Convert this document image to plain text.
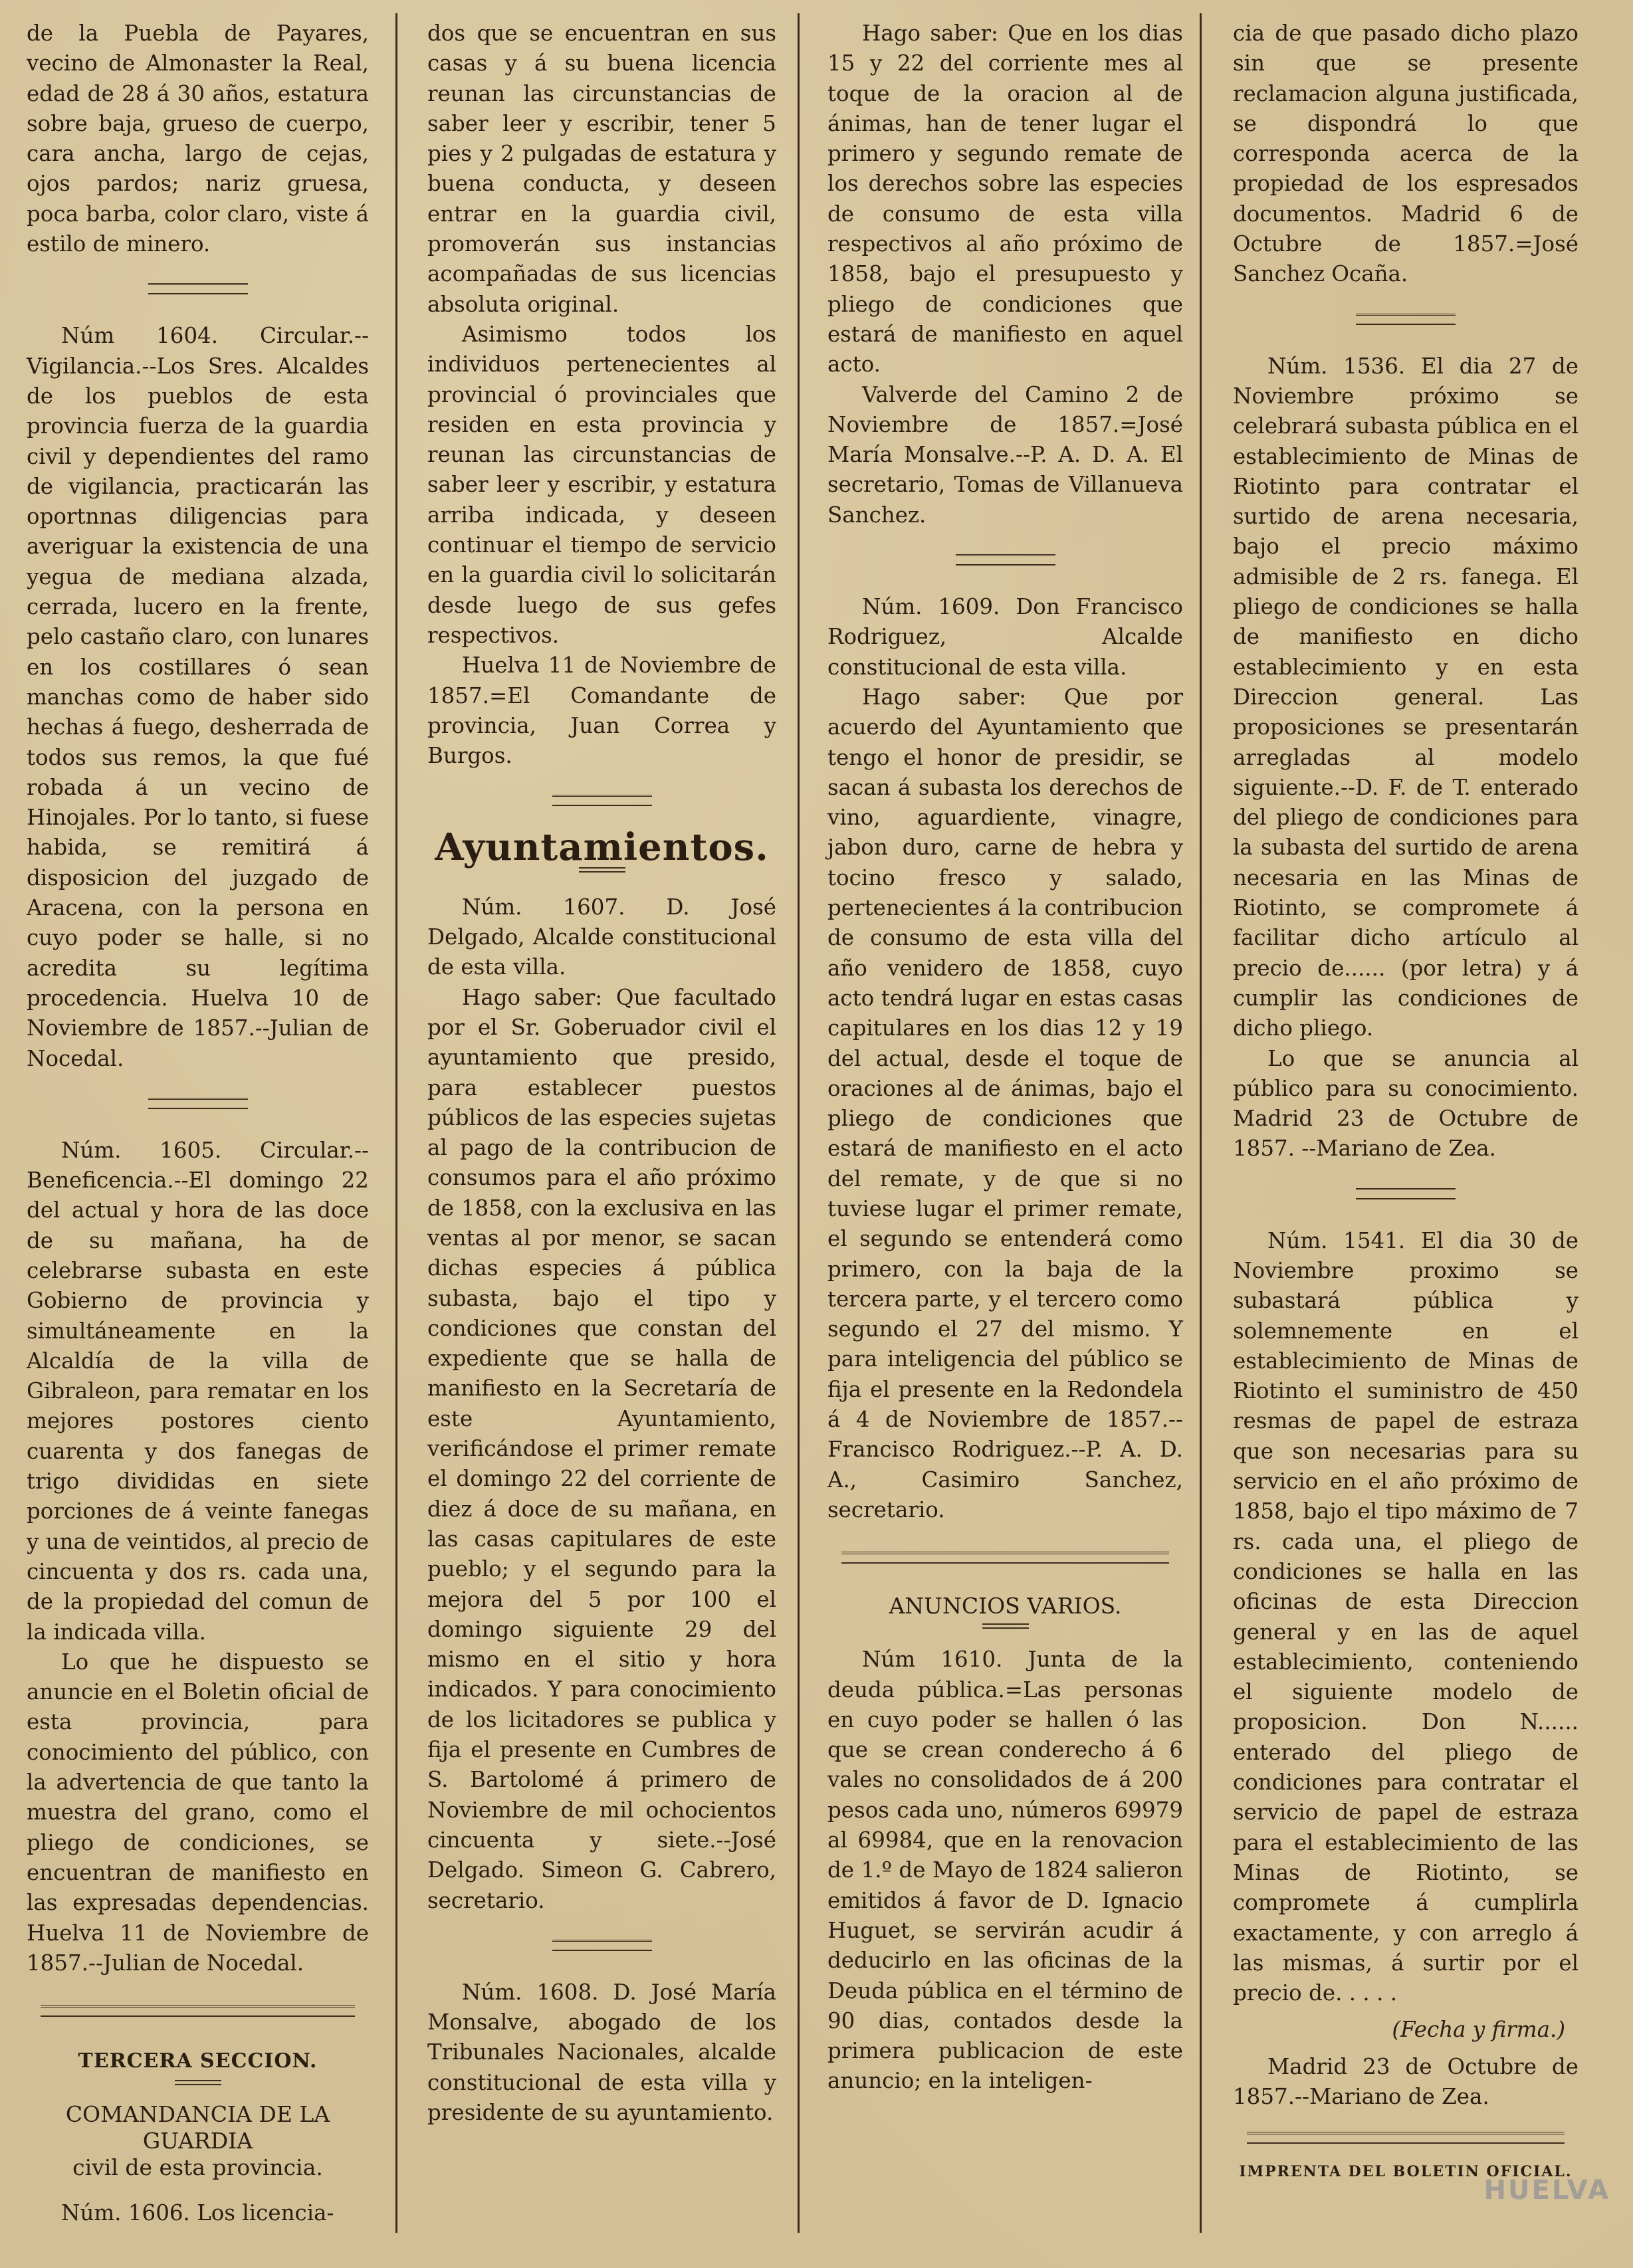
de la Puebla de Payares, vecino de Almonaster la Real, edad de 28 á 30 años, estatura sobre baja, grueso de cuerpo, cara ancha, largo de cejas, ojos pardos; nariz gruesa, poca barba, color claro, viste á estilo de minero.

Núm 1604. Circular.--Vigilancia.--Los Sres. Alcaldes de los pueblos de esta provincia fuerza de la guardia civil y dependientes del ramo de vigilancia, practicarán las oportnnas diligencias para averiguar la existencia de una yegua de mediana alzada, cerrada, lucero en la frente, pelo castaño claro, con lunares en los costillares ó sean manchas como de haber sido hechas á fuego, desherrada de todos sus remos, la que fué robada á un vecino de Hinojales. Por lo tanto, si fuese habida, se remitirá á disposicion del juzgado de Aracena, con la persona en cuyo poder se halle, si no acredita su legítima procedencia. Huelva 10 de Noviembre de 1857.--Julian de Nocedal.

Núm. 1605. Circular.--Beneficencia.--El domingo 22 del actual y hora de las doce de su mañana, ha de celebrarse subasta en este Gobierno de provincia y simultáneamente en la Alcaldía de la villa de Gibraleon, para rematar en los mejores postores ciento cuarenta y dos fanegas de trigo divididas en siete porciones de á veinte fanegas y una de veintidos, al precio de cincuenta y dos rs. cada una, de la propiedad del comun de la indicada villa.

Lo que he dispuesto se anuncie en el Boletin oficial de esta provincia, para conocimiento del público, con la advertencia de que tanto la muestra del grano, como el pliego de condiciones, se encuentran de manifiesto en las expresadas dependencias. Huelva 11 de Noviembre de 1857.--Julian de Nocedal.

TERCERA SECCION.

COMANDANCIA DE LA GUARDIA

civil de esta provincia.

Núm. 1606. Los licencia-

dos que se encuentran en sus casas y á su buena licencia reunan las circunstancias de saber leer y escribir, tener 5 pies y 2 pulgadas de estatura y buena conducta, y deseen entrar en la guardia civil, promoverán sus instancias acompañadas de sus licencias absoluta original.

Asimismo todos los individuos pertenecientes al provincial ó provinciales que residen en esta provincia y reunan las circunstancias de saber leer y escribir, y estatura arriba indicada, y deseen continuar el tiempo de servicio en la guardia civil lo solicitarán desde luego de sus gefes respectivos.

Huelva 11 de Noviembre de 1857.=El Comandante de provincia, Juan Correa y Burgos.

Ayuntamientos.

Núm. 1607. D. José Delgado, Alcalde constitucional de esta villa.

Hago saber: Que facultado por el Sr. Goberuador civil el ayuntamiento que presido, para establecer puestos públicos de las especies sujetas al pago de la contribucion de consumos para el año próximo de 1858, con la exclusiva en las ventas al por menor, se sacan dichas especies á pública subasta, bajo el tipo y condiciones que constan del expediente que se halla de manifiesto en la Secretaría de este Ayuntamiento, verificándose el primer remate el domingo 22 del corriente de diez á doce de su mañana, en las casas capitulares de este pueblo; y el segundo para la mejora del 5 por 100 el domingo siguiente 29 del mismo en el sitio y hora indicados. Y para conocimiento de los licitadores se publica y fija el presente en Cumbres de S. Bartolomé á primero de Noviembre de mil ochocientos cincuenta y siete.--José Delgado. Simeon G. Cabrero, secretario.

Núm. 1608. D. José María Monsalve, abogado de los Tribunales Nacionales, alcalde constitucional de esta villa y presidente de su ayuntamiento.

Hago saber: Que en los dias 15 y 22 del corriente mes al toque de la oracion al de ánimas, han de tener lugar el primero y segundo remate de los derechos sobre las especies de consumo de esta villa respectivos al año próximo de 1858, bajo el presupuesto y pliego de condiciones que estará de manifiesto en aquel acto.

Valverde del Camino 2 de Noviembre de 1857.=José María Monsalve.--P. A. D. A. El secretario, Tomas de Villanueva Sanchez.

Núm. 1609. Don Francisco Rodriguez, Alcalde constitucional de esta villa.

Hago saber: Que por acuerdo del Ayuntamiento que tengo el honor de presidir, se sacan á subasta los derechos de vino, aguardiente, vinagre, jabon duro, carne de hebra y tocino fresco y salado, pertenecientes á la contribucion de consumo de esta villa del año venidero de 1858, cuyo acto tendrá lugar en estas casas capitulares en los dias 12 y 19 del actual, desde el toque de oraciones al de ánimas, bajo el pliego de condiciones que estará de manifiesto en el acto del remate, y de que si no tuviese lugar el primer remate, el segundo se entenderá como primero, con la baja de la tercera parte, y el tercero como segundo el 27 del mismo. Y para inteligencia del público se fija el presente en la Redondela á 4 de Noviembre de 1857.--Francisco Rodriguez.--P. A. D. A., Casimiro Sanchez, secretario.

ANUNCIOS VARIOS.

Núm 1610. Junta de la deuda pública.=Las personas en cuyo poder se hallen ó las que se crean conderecho á 6 vales no consolidados de á 200 pesos cada uno, números 69979 al 69984, que en la renovacion de 1.º de Mayo de 1824 salieron emitidos á favor de D. Ignacio Huguet, se servirán acudir á deducirlo en las oficinas de la Deuda pública en el término de 90 dias, contados desde la primera publicacion de este anuncio; en la inteligen-

cia de que pasado dicho plazo sin que se presente reclamacion alguna justificada, se dispondrá lo que corresponda acerca de la propiedad de los espresados documentos. Madrid 6 de Octubre de 1857.=José Sanchez Ocaña.

Núm. 1536. El dia 27 de Noviembre próximo se celebrará subasta pública en el establecimiento de Minas de Riotinto para contratar el surtido de arena necesaria, bajo el precio máximo admisible de 2 rs. fanega. El pliego de condiciones se halla de manifiesto en dicho establecimiento y en esta Direccion general. Las proposiciones se presentarán arregladas al modelo siguiente.--D. F. de T. enterado del pliego de condiciones para la subasta del surtido de arena necesaria en las Minas de Riotinto, se compromete á facilitar dicho artículo al precio de...... (por letra) y á cumplir las condiciones de dicho pliego.

Lo que se anuncia al público para su conocimiento. Madrid 23 de Octubre de 1857. --Mariano de Zea.

Núm. 1541. El dia 30 de Noviembre proximo se subastará pública y solemnemente en el establecimiento de Minas de Riotinto el suministro de 450 resmas de papel de estraza que son necesarias para su servicio en el año próximo de 1858, bajo el tipo máximo de 7 rs. cada una, el pliego de condiciones se halla en las oficinas de esta Direccion general y en las de aquel establecimiento, conteniendo el siguiente modelo de proposicion. Don N...... enterado del pliego de condiciones para contratar el servicio de papel de estraza para el establecimiento de las Minas de Riotinto, se compromete á cumplirla exactamente, y con arreglo á las mismas, á surtir por el precio de. . . . .

(Fecha y firma.)

Madrid 23 de Octubre de 1857.--Mariano de Zea.

IMPRENTA DEL BOLETIN OFICIAL.

HUELVA
